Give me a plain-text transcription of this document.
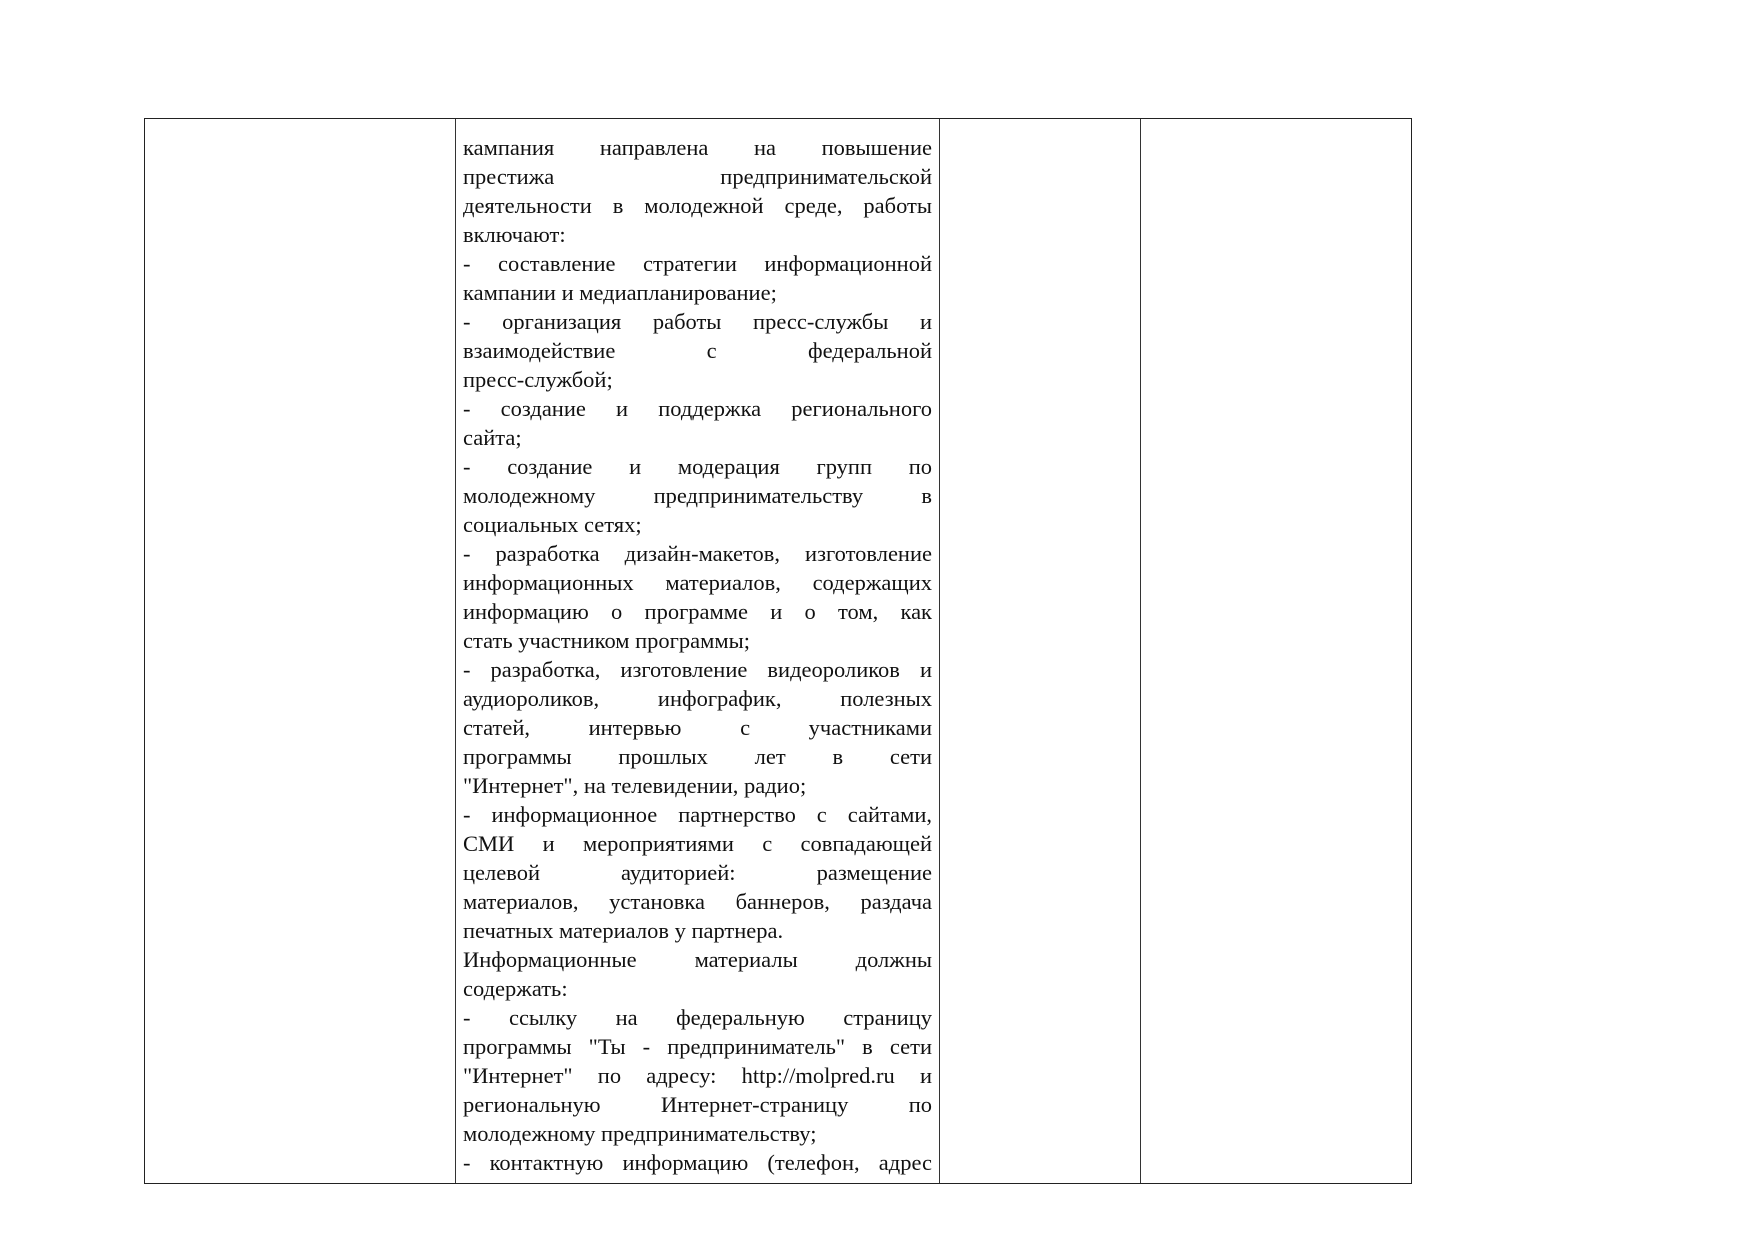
кампания направлена на повышение
престижа предпринимательской
деятельности в молодежной среде, работы
включают:
- составление стратегии информационной
кампании и медиапланирование;
- организация работы пресс-службы и
взаимодействие с федеральной
пресс-службой;
- создание и поддержка регионального
сайта;
- создание и модерация групп по
молодежному предпринимательству в
социальных сетях;
- разработка дизайн-макетов, изготовление
информационных материалов, содержащих
информацию о программе и о том, как
стать участником программы;
- разработка, изготовление видеороликов и
аудиороликов, инфографик, полезных
статей, интервью с участниками
программы прошлых лет в сети
"Интернет", на телевидении, радио;
- информационное партнерство с сайтами,
СМИ и мероприятиями с совпадающей
целевой аудиторией: размещение
материалов, установка баннеров, раздача
печатных материалов у партнера.
Информационные материалы должны
содержать:
- ссылку на федеральную страницу
программы "Ты - предприниматель" в сети
"Интернет" по адресу: http://molpred.ru и
региональную Интернет-страницу по
молодежному предпринимательству;
- контактную информацию (телефон, адрес
